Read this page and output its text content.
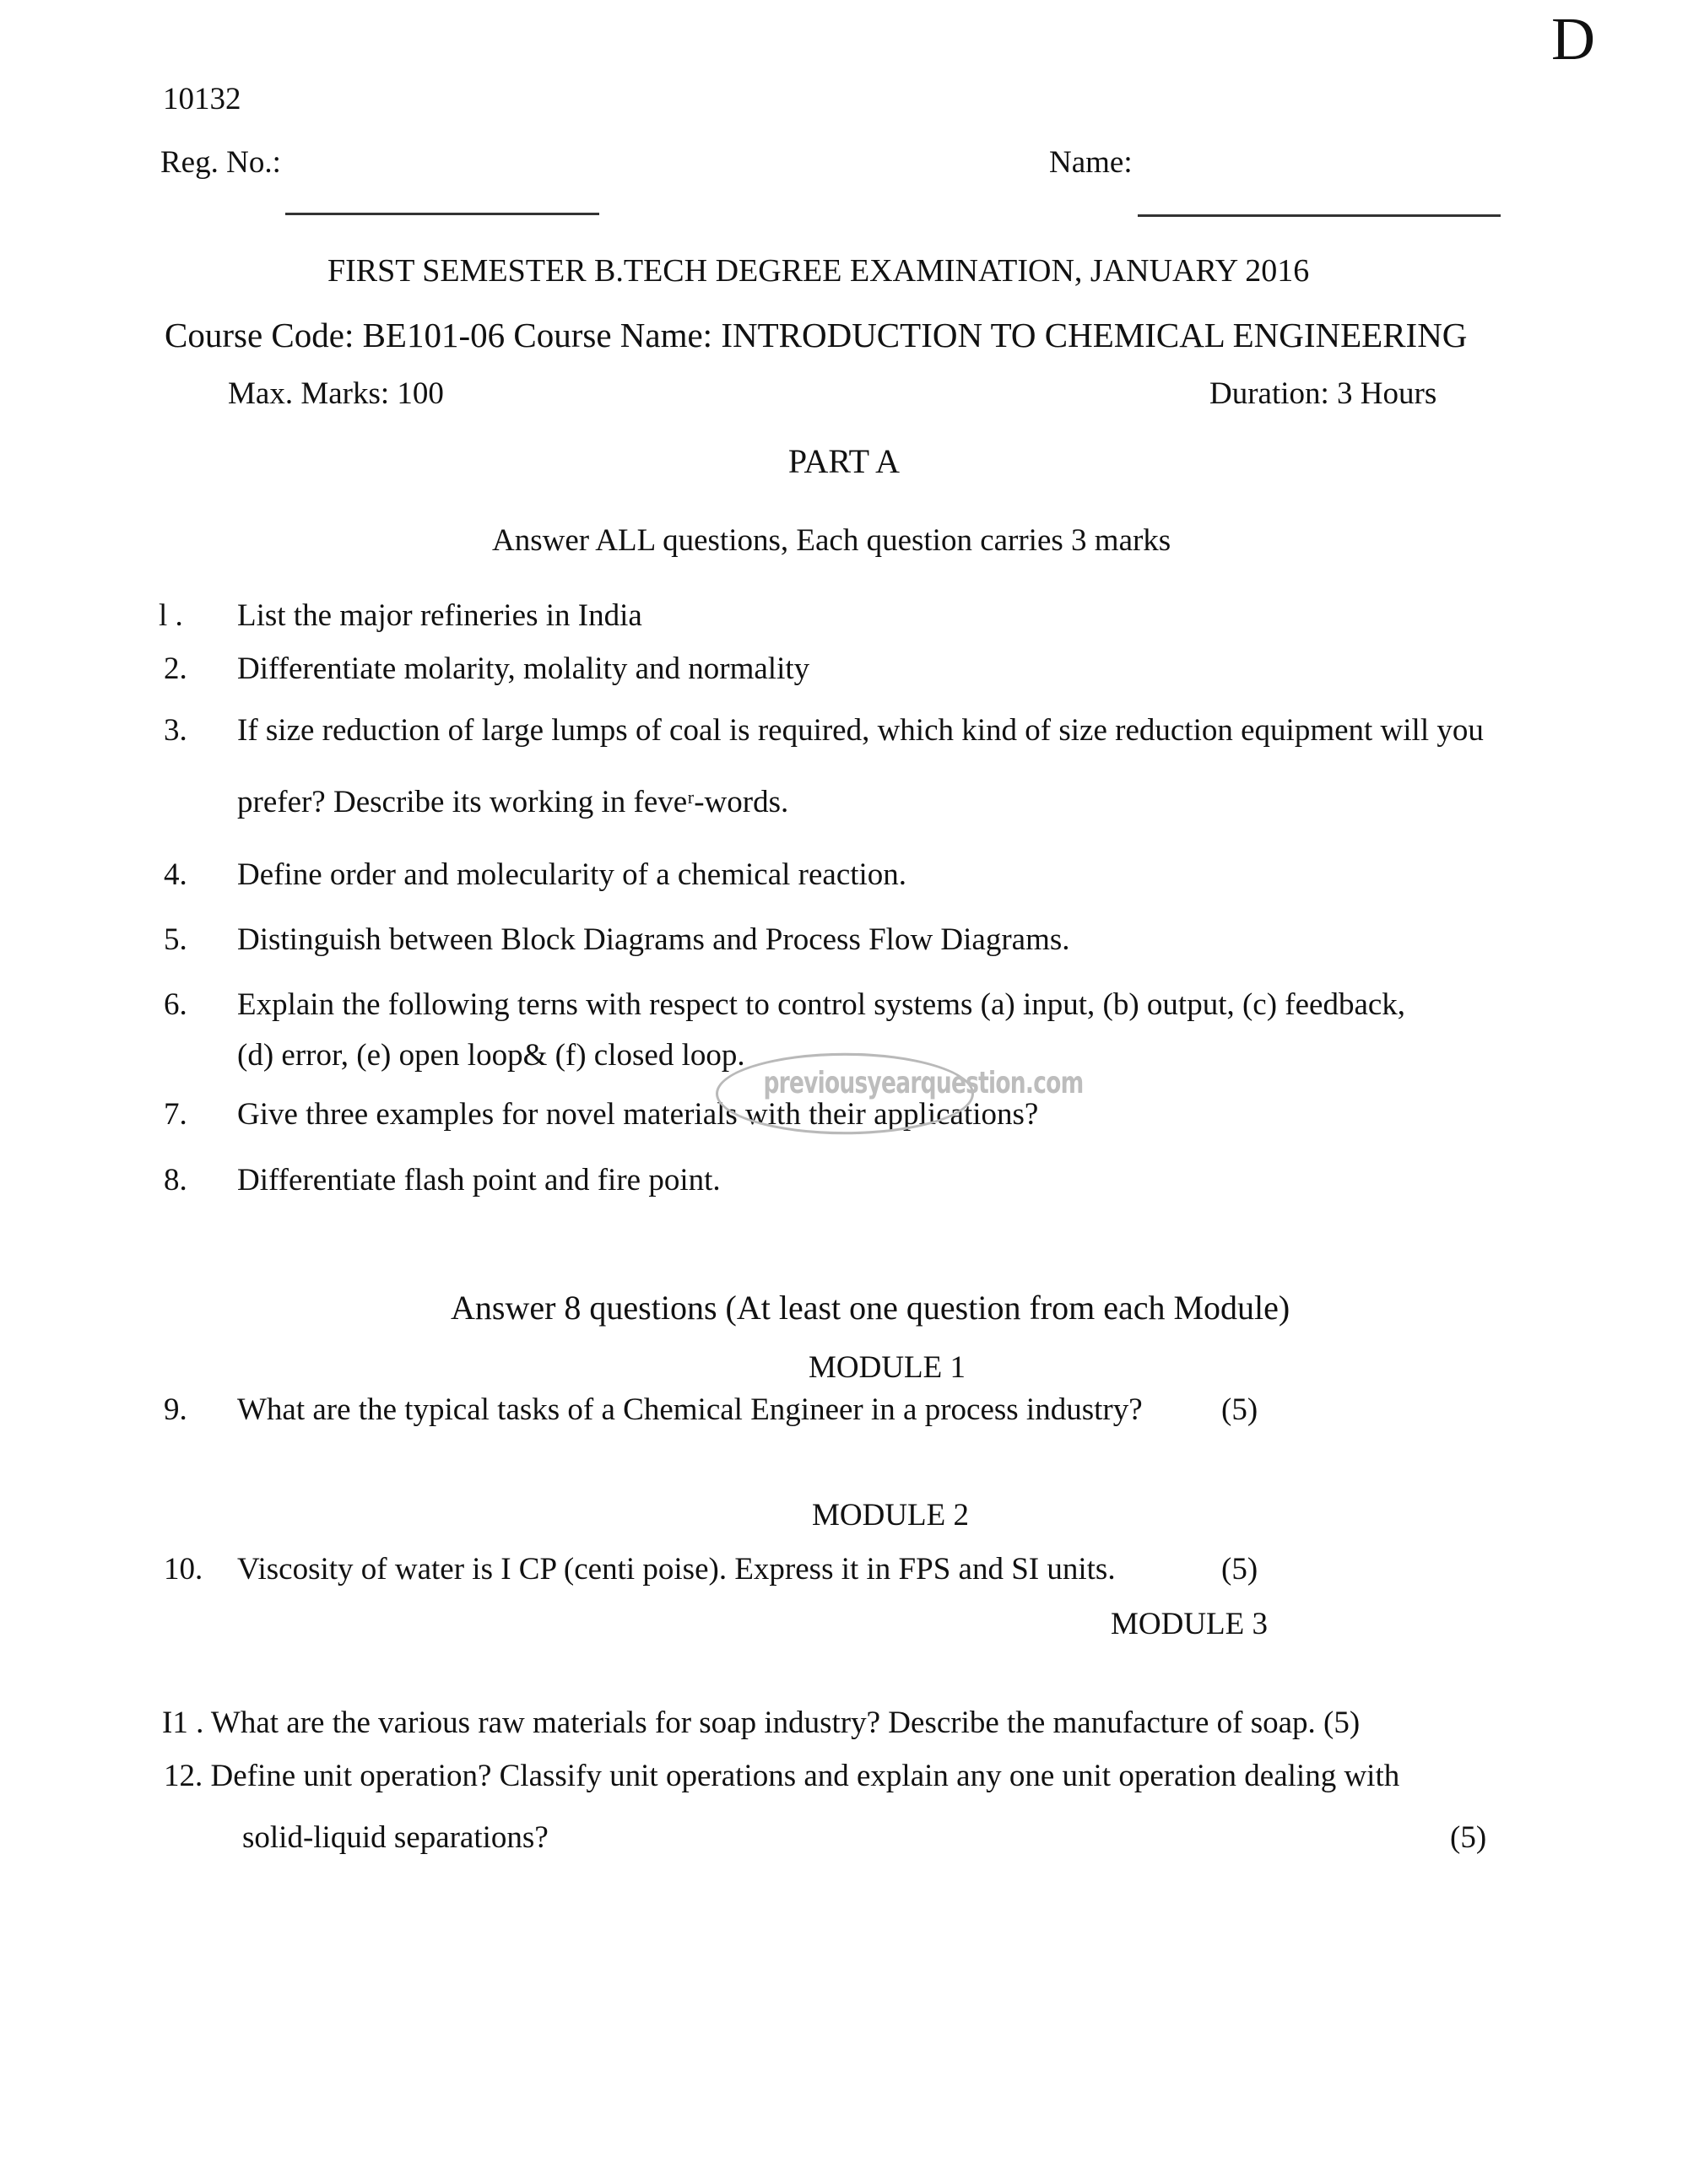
D
10132
Reg. No.:	Name:
FIRST SEMESTER B.TECH DEGREE EXAMINATION, JANUARY 2016
Course Code: BE101-06 Course Name: INTRODUCTION TO CHEMICAL ENGINEERING
Max. Marks: 100	Duration: 3 Hours
PART A
Answer ALL questions, Each question carries 3 marks
l . List the major refineries in India
2. Differentiate molarity, molality and normality
3. If size reduction of large lumps of coal is required, which kind of size reduction equipment will you
prefer? Describe its working in feveʳ-words.
4. Define order and molecularity of a chemical reaction.
5. Distinguish between Block Diagrams and Process Flow Diagrams.
6. Explain the following terns with respect to control systems (a) input, (b) output, (c) feedback,
(d) error, (e) open loop& (f) closed loop.
7. Give three examples for novel materials with their applications?
8. Differentiate flash point and fire point.
previousyearquestion.com
Answer 8 questions (At least one question from each Module)
MODULE 1
9. What are the typical tasks of a Chemical Engineer in a process industry?	(5)
MODULE 2
10. Viscosity of water is I CP (centi poise). Express it in FPS and SI units.	(5)
MODULE 3
I1 . What are the various raw materials for soap industry? Describe the manufacture of soap. (5)
12. Define unit operation? Classify unit operations and explain any one unit operation dealing with
solid-liquid separations?	(5)
